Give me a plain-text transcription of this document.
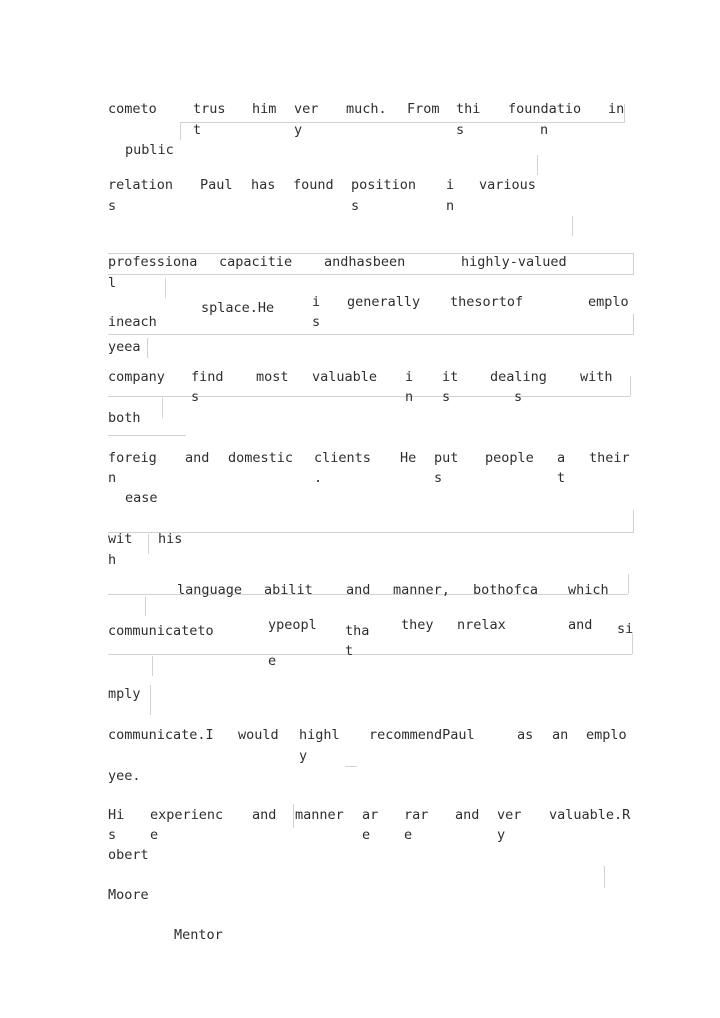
cometo	trus him ver much. From thi foundatio in
t	y	s	n
public
relation Paul has found position i various
s	s	n
professiona capacitie andhasbeen	highly-valued
l
splace.He	i generally thesortof	emplo
ineach	s
yeea
company find most valuable i it dealing with
s	n s	s
both
foreig and domestic clients He put people a their
n	.	s	t
ease
wit his
h
language abilit and manner, bothofca which
communicateto	ypeopl tha they nrelax	and si
e
t
mply
communicate.I would highl recommendPaul	as an emplo
y
yee.
Hi experienc and manner ar rar and ver valuable.R
s	e	e	e	y
obert
Moore
Mentor
